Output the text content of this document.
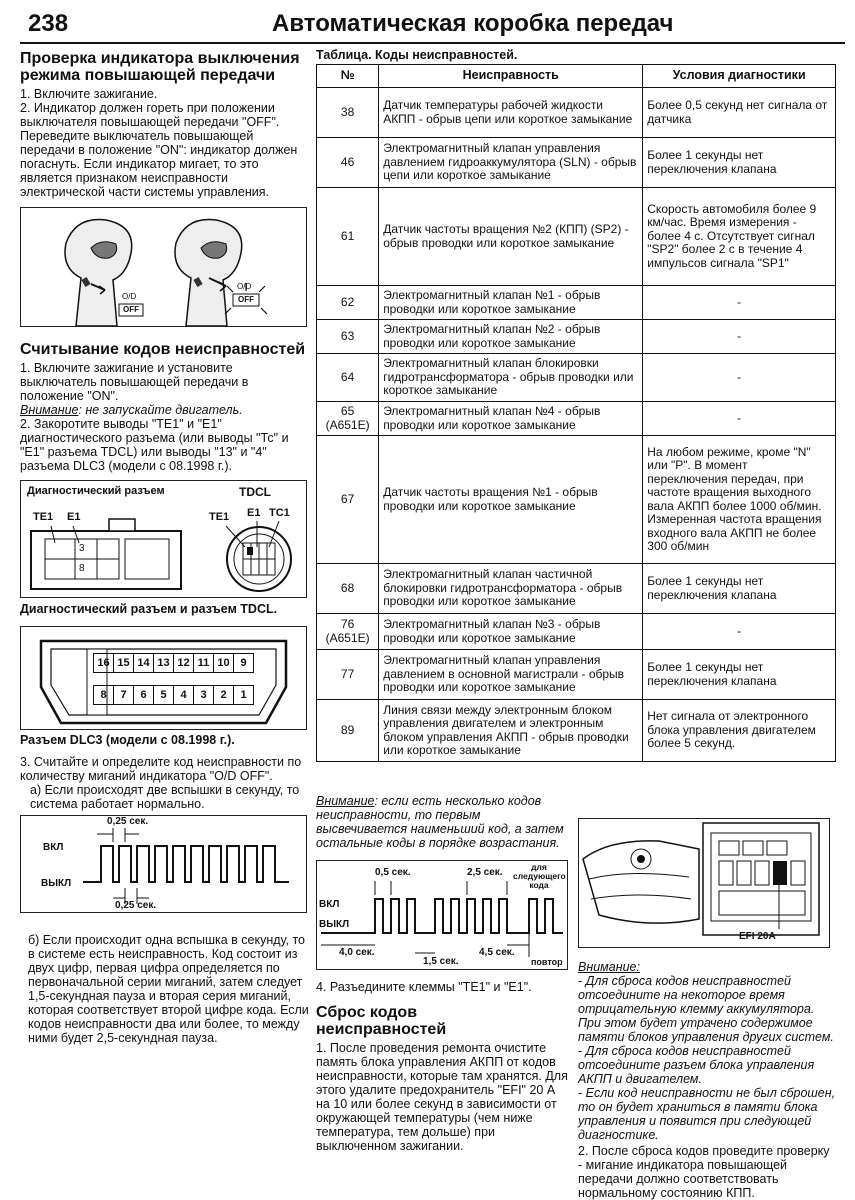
238	Автоматическая коробка передач
Проверка индикатора выключения режима повышающей передачи

1. Включите зажигание.

2. Индикатор должен гореть при положении выключателя повышающей передачи "OFF".

Переведите выключатель повышающей передачи в положение "ON": индикатор должен погаснуть. Если индикатор мигает, то это является признаком неисправности электрической части системы управления.

O/D
OFF
O/D
OFF
Считывание кодов неисправностей

1. Включите зажигание и установите выключатель повышающей передачи в положение "ON".

Внимание: не запускайте двигатель.

2. Закоротите выводы "TE1" и "E1" диагностического разъема (или выводы "Тс" и "E1" разъема TDCL) или выводы "13" и "4" разъема DLC3 (модели с 08.1998 г.).

Диагностический разъем	TDCL
TE1 E1	TE1 E1 TC1
3
8
Диагностический разъем и разъем TDCL.
16 15 14 13 12 11 10 9
8	7	6	5	4	3	2	1
Разъем DLC3 (модели с 08.1998 г.).

3. Считайте и определите код неисправности по количеству миганий индикатора "O/D OFF".

а) Если происходят две вспышки в секунду, то система работает нормально.

0,25 сек.
ВКЛ
ВЫКЛ
0,25 сек.

б) Если происходит одна вспышка в секунду, то в системе есть неисправность. Код состоит из двух цифр, первая цифра определяется по первоначальной серии миганий, затем следует 1,5-секундная пауза и вторая серия миганий, которая соответствует второй цифре кода. Если кодов неисправности два или более, то между ними будет 2,5-секундная пауза.

Таблица. Коды неисправностей.
№	Неисправность	Условия диагностики
38	Датчик температуры рабочей жидкости АКПП - обрыв цепи или короткое замыкание	Более 0,5 секунд нет сигнала от датчика
46	Электромагнитный клапан управления давлением гидроаккумулятора (SLN) - обрыв цепи или короткое замыкание	Более 1 секунды нет переключения клапана
61	Датчик частоты вращения №2 (КПП) (SP2) - обрыв проводки или короткое замыкание	Скорость автомобиля более 9 км/час. Время измерения - более 4 с. Отсутствует сигнал "SP2" более 2 с в течение 4 импульсов сигнала "SP1"
62	Электромагнитный клапан №1 - обрыв проводки или короткое замыкание	-
63	Электромагнитный клапан №2 - обрыв проводки или короткое замыкание	-
64	Электромагнитный клапан блокировки гидротрансформатора - обрыв проводки или короткое замыкание	-
65 (A651E)	Электромагнитный клапан №4 - обрыв проводки или короткое замыкание	-
67	Датчик частоты вращения №1 - обрыв проводки или короткое замыкание	На любом режиме, кроме "N" или "P". В момент переключения передач, при частоте вращения выходного вала АКПП более 1000 об/мин. Измеренная частота вращения входного вала АКПП не более 300 об/мин
68	Электромагнитный клапан частичной блокировки гидротрансформатора - обрыв проводки или короткое замыкание	Более 1 секунды нет переключения клапана
76 (A651E)	Электромагнитный клапан №3 - обрыв проводки или короткое замыкание	-
77	Электромагнитный клапан управления давлением в основной магистрали - обрыв проводки или короткое замыкание	Более 1 секунды нет переключения клапана
89	Линия связи между электронным блоком управления двигателем и электронным блоком управления АКПП - обрыв проводки или короткое замыкание	Нет сигнала от электронного блока управления двигателем более 5 секунд.

Внимание: если есть несколько кодов неисправности, то первым высвечивается наименьший код, а затем остальные коды в порядке возрастания.

0,5 сек.	2,5 сек.	для следующего кода
ВКЛ
ВЫКЛ
4,0 сек.	4,5 сек.
1,5 сек.	повтор

4. Разъедините клеммы "TE1" и "E1".

Сброс кодов неисправностей

1. После проведения ремонта очистите память блока управления АКПП от кодов неисправности, которые там хранятся. Для этого удалите предохранитель "EFI" 20 А на 10 или более секунд в зависимости от окружающей температуры (чем ниже температура, тем дольше) при выключенном зажигании.

EFI 20A

Внимание:

- Для сброса кодов неисправностей отсоедините на некоторое время отрицательную клемму аккумулятора. При этом будет утрачено содержимое памяти блоков управления других систем.

- Для сброса кодов неисправностей отсоедините разъем блока управления АКПП и двигателем.

- Если код неисправности не был сброшен, то он будет храниться в памяти блока управления и появится при следующей диагностике.

2. После сброса кодов проведите проверку - мигание индикатора повышающей передачи должно соответствовать нормальному состоянию КПП.
